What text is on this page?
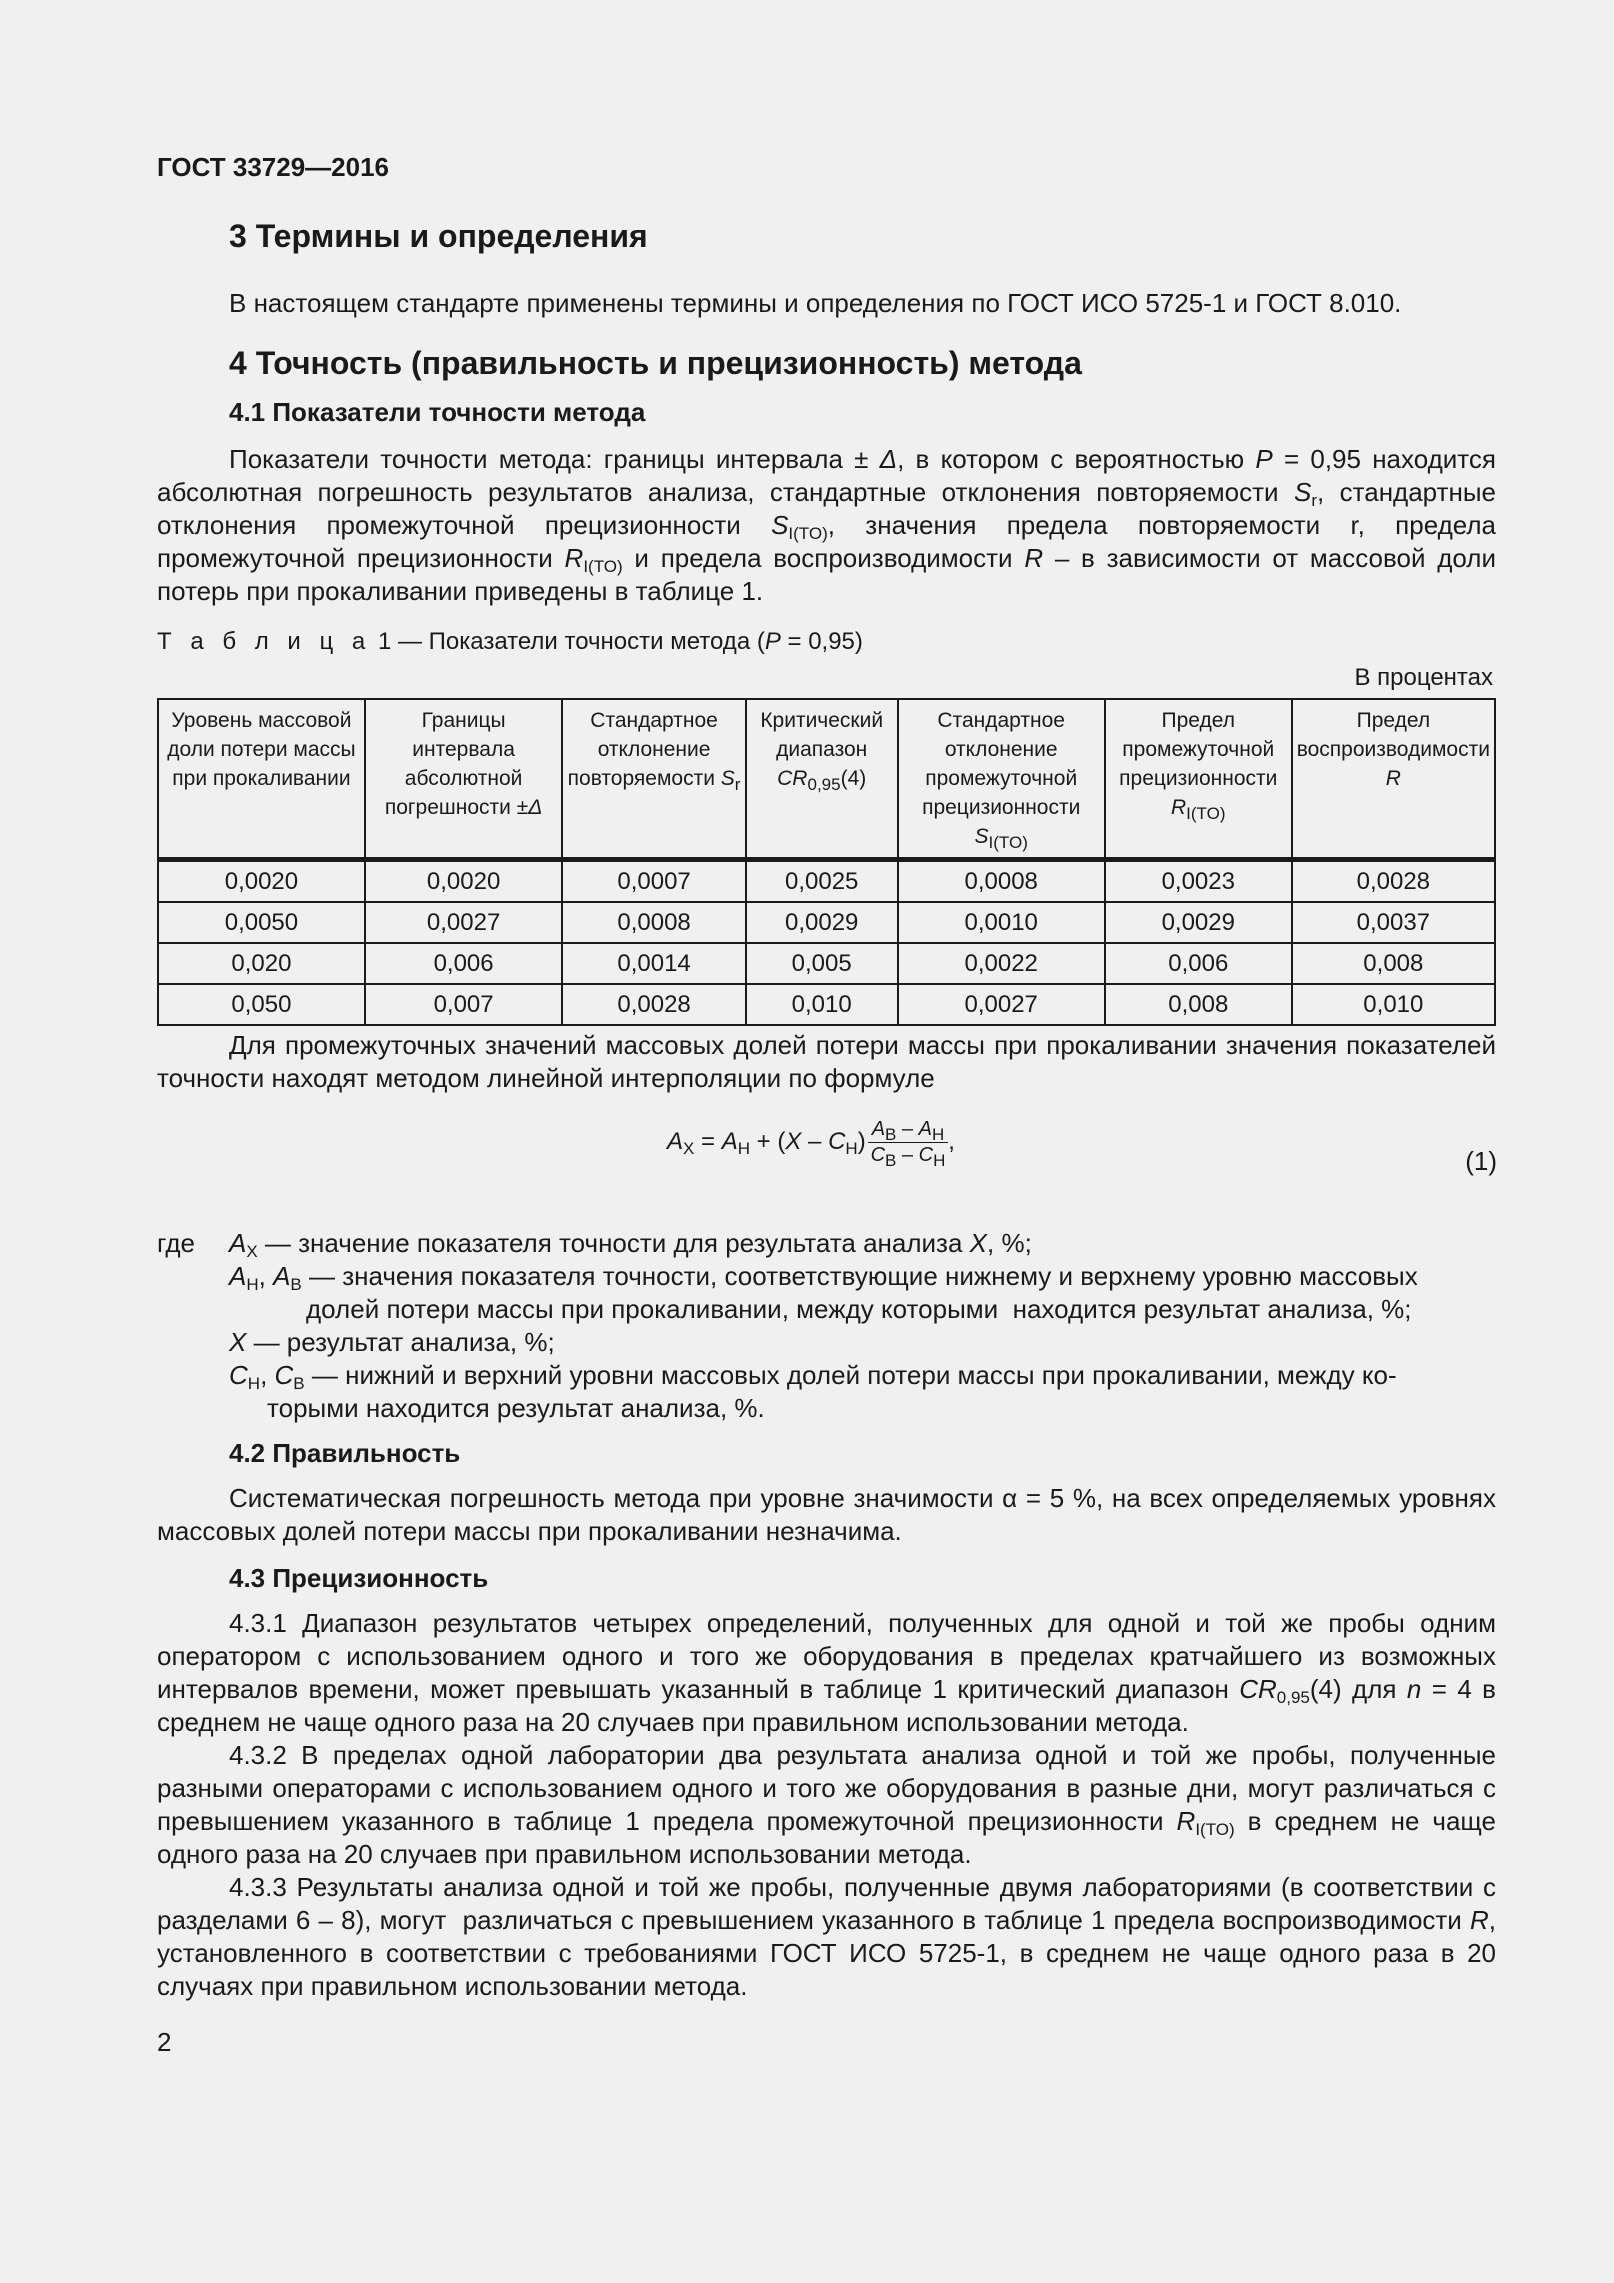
ГОСТ 33729—2016
3 Термины и определения

В настоящем стандарте применены термины и определения по ГОСТ ИСО 5725-1 и ГОСТ 8.010.

4 Точность (правильность и прецизионность) метода
4.1 Показатели точности метода

Показатели точности метода: границы интервала ± Δ, в котором с вероятностью Р = 0,95 находится абсолютная погрешность результатов анализа, стандартные отклонения повторяемости $S_r$, стандартные отклонения промежуточной прецизионности $S_{I(TO)}$, значения предела повторяемости r, предела промежуточной прецизионности $R_{I(TO)}$ и предела воспроизводимости R – в зависимости от массовой доли потерь при прокаливании приведены в таблице 1.

Т а б л и ц а 1 — Показатели точности метода (Р = 0,95)
В процентах
Уровень массовой доли потери массы при прокаливании	Границы интервала абсолютной погрешности ±Δ	Стандартное отклонение повторяемости $S_r$	Критический диапазон $CR_{0,95}(4)$	Стандартное отклонение промежуточной прецизионности $S_{I(TO)}$	Предел промежуточной прецизионности $R_{I(TO)}$	Предел воспроизводимости R
0,0020	0,0020	0,0007	0,0025	0,0008	0,0023	0,0028
0,0050	0,0027	0,0008	0,0029	0,0010	0,0029	0,0037
0,020	0,006	0,0014	0,005	0,0022	0,006	0,008
0,050	0,007	0,0028	0,010	0,0027	0,008	0,010

Для промежуточных значений массовых долей потери массы при прокаливании значения показателей точности находят методом линейной интерполяции по формуле

$A_X = A_H + (X - C_H) \frac{A_B - A_H}{C_B - C_H}$ ,
(1)
где $A_X$ — значение показателя точности для результата анализа X, %;
$A_H$, $A_B$ — значения показателя точности, соответствующие нижнему и верхнему уровню массовых
долей потери массы при прокаливании, между которыми  находится результат анализа, %;
X — результат анализа, %;
$C_H$, $C_B$ — нижний и верхний уровни массовых долей потери массы при прокаливании, между ко-
торыми находится результат анализа, %.
4.2 Правильность

Систематическая погрешность метода при уровне значимости α = 5 %, на всех определяемых уровнях массовых долей потери массы при прокаливании незначима.

4.3 Прецизионность

4.3.1 Диапазон результатов четырех определений, полученных для одной и той же пробы одним оператором с использованием одного и того же оборудования в пределах кратчайшего из возможных интервалов времени, может превышать указанный в таблице 1 критический диапазон $CR_{0,95}(4)$ для n = 4 в среднем не чаще одного раза на 20 случаев при правильном использовании метода.

4.3.2 В пределах одной лаборатории два результата анализа одной и той же пробы, полученные разными операторами с использованием одного и того же оборудования в разные дни, могут различаться с превышением указанного в таблице 1 предела промежуточной прецизионности $R_{I(TO)}$ в среднем не чаще одного раза на 20 случаев при правильном использовании метода.

4.3.3 Результаты анализа одной и той же пробы, полученные двумя лабораториями (в соответствии с разделами 6 – 8), могут  различаться с превышением указанного в таблице 1 предела воспроизводимости R, установленного в соответствии с требованиями ГОСТ ИСО 5725-1, в среднем не чаще одного раза в 20 случаях при правильном использовании метода.

2
